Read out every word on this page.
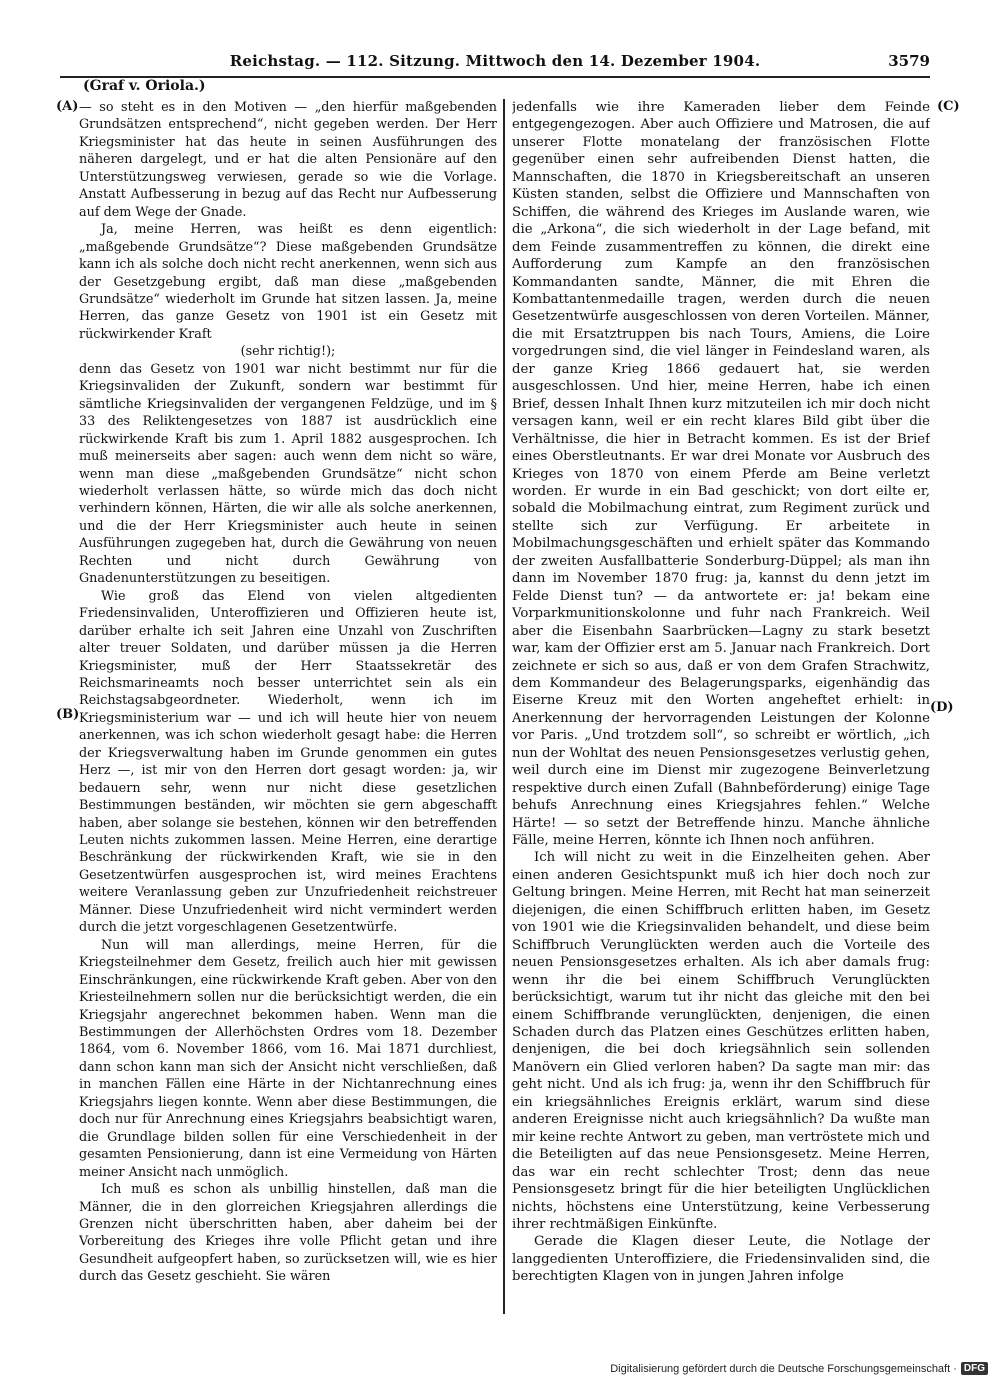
Reichstag. — 112. Sitzung. Mittwoch den 14. Dezember 1904.	3579
(Graf v. Oriola.)
(A)
(B)
(C)
(D)

— so steht es in den Motiven — „den hierfür maßgebenden Grundsätzen entsprechend“, nicht gegeben werden. Der Herr Kriegsminister hat das heute in seinen Ausführungen des näheren dargelegt, und er hat die alten Pensionäre auf den Unterstützungsweg verwiesen, gerade so wie die Vorlage. Anstatt Aufbesserung in bezug auf das Recht nur Aufbesserung auf dem Wege der Gnade.

Ja, meine Herren, was heißt es denn eigentlich: „maßgebende Grundsätze“? Diese maßgebenden Grundsätze kann ich als solche doch nicht recht anerkennen, wenn sich aus der Gesetzgebung ergibt, daß man diese „maßgebenden Grundsätze“ wiederholt im Grunde hat sitzen lassen. Ja, meine Herren, das ganze Gesetz von 1901 ist ein Gesetz mit rückwirkender Kraft

(sehr richtig!);

denn das Gesetz von 1901 war nicht bestimmt nur für die Kriegsinvaliden der Zukunft, sondern war bestimmt für sämtliche Kriegsinvaliden der vergangenen Feldzüge, und im § 33 des Reliktengesetzes von 1887 ist ausdrücklich eine rückwirkende Kraft bis zum 1. April 1882 ausgesprochen. Ich muß meinerseits aber sagen: auch wenn dem nicht so wäre, wenn man diese „maßgebenden Grundsätze“ nicht schon wiederholt verlassen hätte, so würde mich das doch nicht verhindern können, Härten, die wir alle als solche anerkennen, und die der Herr Kriegsminister auch heute in seinen Ausführungen zugegeben hat, durch die Gewährung von neuen Rechten und nicht durch Gewährung von Gnadenunterstützungen zu beseitigen.

Wie groß das Elend von vielen altgedienten Friedensinvaliden, Unteroffizieren und Offizieren heute ist, darüber erhalte ich seit Jahren eine Unzahl von Zuschriften alter treuer Soldaten, und darüber müssen ja die Herren Kriegsminister, muß der Herr Staatssekretär des Reichsmarineamts noch besser unterrichtet sein als ein Reichstagsabgeordneter. Wiederholt, wenn ich im Kriegsministerium war — und ich will heute hier von neuem anerkennen, was ich schon wiederholt gesagt habe: die Herren der Kriegsverwaltung haben im Grunde genommen ein gutes Herz —, ist mir von den Herren dort gesagt worden: ja, wir bedauern sehr, wenn nur nicht diese gesetzlichen Bestimmungen beständen, wir möchten sie gern abgeschafft haben, aber solange sie bestehen, können wir den betreffenden Leuten nichts zukommen lassen. Meine Herren, eine derartige Beschränkung der rückwirkenden Kraft, wie sie in den Gesetzentwürfen ausgesprochen ist, wird meines Erachtens weitere Veranlassung geben zur Unzufriedenheit reichstreuer Männer. Diese Unzufriedenheit wird nicht vermindert werden durch die jetzt vorgeschlagenen Gesetzentwürfe.

Nun will man allerdings, meine Herren, für die Kriegsteilnehmer dem Gesetz, freilich auch hier mit gewissen Einschränkungen, eine rückwirkende Kraft geben. Aber von den Kriesteilnehmern sollen nur die berücksichtigt werden, die ein Kriegsjahr angerechnet bekommen haben. Wenn man die Bestimmungen der Allerhöchsten Ordres vom 18. Dezember 1864, vom 6. November 1866, vom 16. Mai 1871 durchliest, dann schon kann man sich der Ansicht nicht verschließen, daß in manchen Fällen eine Härte in der Nichtanrechnung eines Kriegsjahrs liegen konnte. Wenn aber diese Bestimmungen, die doch nur für Anrechnung eines Kriegsjahrs beabsichtigt waren, die Grundlage bilden sollen für eine Verschiedenheit in der gesamten Pensionierung, dann ist eine Vermeidung von Härten meiner Ansicht nach unmöglich.

Ich muß es schon als unbillig hinstellen, daß man die Männer, die in den glorreichen Kriegsjahren allerdings die Grenzen nicht überschritten haben, aber daheim bei der Vorbereitung des Krieges ihre volle Pflicht getan und ihre Gesundheit aufgeopfert haben, so zurücksetzen will, wie es hier durch das Gesetz geschieht. Sie wären

jedenfalls wie ihre Kameraden lieber dem Feinde entgegengezogen. Aber auch Offiziere und Matrosen, die auf unserer Flotte monatelang der französischen Flotte gegenüber einen sehr aufreibenden Dienst hatten, die Mannschaften, die 1870 in Kriegsbereitschaft an unseren Küsten standen, selbst die Offiziere und Mannschaften von Schiffen, die während des Krieges im Auslande waren, wie die „Arkona“, die sich wiederholt in der Lage befand, mit dem Feinde zusammentreffen zu können, die direkt eine Aufforderung zum Kampfe an den französischen Kommandanten sandte, Männer, die mit Ehren die Kombattantenmedaille tragen, werden durch die neuen Gesetzentwürfe ausgeschlossen von deren Vorteilen. Männer, die mit Ersatztruppen bis nach Tours, Amiens, die Loire vorgedrungen sind, die viel länger in Feindesland waren, als der ganze Krieg 1866 gedauert hat, sie werden ausgeschlossen. Und hier, meine Herren, habe ich einen Brief, dessen Inhalt Ihnen kurz mitzuteilen ich mir doch nicht versagen kann, weil er ein recht klares Bild gibt über die Verhältnisse, die hier in Betracht kommen. Es ist der Brief eines Oberstleutnants. Er war drei Monate vor Ausbruch des Krieges von 1870 von einem Pferde am Beine verletzt worden. Er wurde in ein Bad geschickt; von dort eilte er, sobald die Mobilmachung eintrat, zum Regiment zurück und stellte sich zur Verfügung. Er arbeitete in Mobilmachungsgeschäften und erhielt später das Kommando der zweiten Ausfallbatterie Sonderburg-Düppel; als man ihn dann im November 1870 frug: ja, kannst du denn jetzt im Felde Dienst tun? — da antwortete er: ja! bekam eine Vorparkmunitionskolonne und fuhr nach Frankreich. Weil aber die Eisenbahn Saarbrücken—Lagny zu stark besetzt war, kam der Offizier erst am 5. Januar nach Frankreich. Dort zeichnete er sich so aus, daß er von dem Grafen Strachwitz, dem Kommandeur des Belagerungsparks, eigenhändig das Eiserne Kreuz mit den Worten angeheftet erhielt: in Anerkennung der hervorragenden Leistungen der Kolonne vor Paris. „Und trotzdem soll“, so schreibt er wörtlich, „ich nun der Wohltat des neuen Pensionsgesetzes verlustig gehen, weil durch eine im Dienst mir zugezogene Beinverletzung respektive durch einen Zufall (Bahnbeförderung) einige Tage behufs Anrechnung eines Kriegsjahres fehlen.“ Welche Härte! — so setzt der Betreffende hinzu. Manche ähnliche Fälle, meine Herren, könnte ich Ihnen noch anführen.

Ich will nicht zu weit in die Einzelheiten gehen. Aber einen anderen Gesichtspunkt muß ich hier doch noch zur Geltung bringen. Meine Herren, mit Recht hat man seinerzeit diejenigen, die einen Schiffbruch erlitten haben, im Gesetz von 1901 wie die Kriegsinvaliden behandelt, und diese beim Schiffbruch Verunglückten werden auch die Vorteile des neuen Pensionsgesetzes erhalten. Als ich aber damals frug: wenn ihr die bei einem Schiffbruch Verunglückten berücksichtigt, warum tut ihr nicht das gleiche mit den bei einem Schiffbrande verunglückten, denjenigen, die einen Schaden durch das Platzen eines Geschützes erlitten haben, denjenigen, die bei doch kriegsähnlich sein sollenden Manövern ein Glied verloren haben? Da sagte man mir: das geht nicht. Und als ich frug: ja, wenn ihr den Schiffbruch für ein kriegsähnliches Ereignis erklärt, warum sind diese anderen Ereignisse nicht auch kriegsähnlich? Da wußte man mir keine rechte Antwort zu geben, man vertröstete mich und die Beteiligten auf das neue Pensionsgesetz. Meine Herren, das war ein recht schlechter Trost; denn das neue Pensionsgesetz bringt für die hier beteiligten Unglücklichen nichts, höchstens eine Unterstützung, keine Verbesserung ihrer rechtmäßigen Einkünfte.

Gerade die Klagen dieser Leute, die Notlage der langgedienten Unteroffiziere, die Friedensinvaliden sind, die berechtigten Klagen von in jungen Jahren infolge

Digitalisierung gefördert durch die Deutsche Forschungsgemeinschaft · DFG
